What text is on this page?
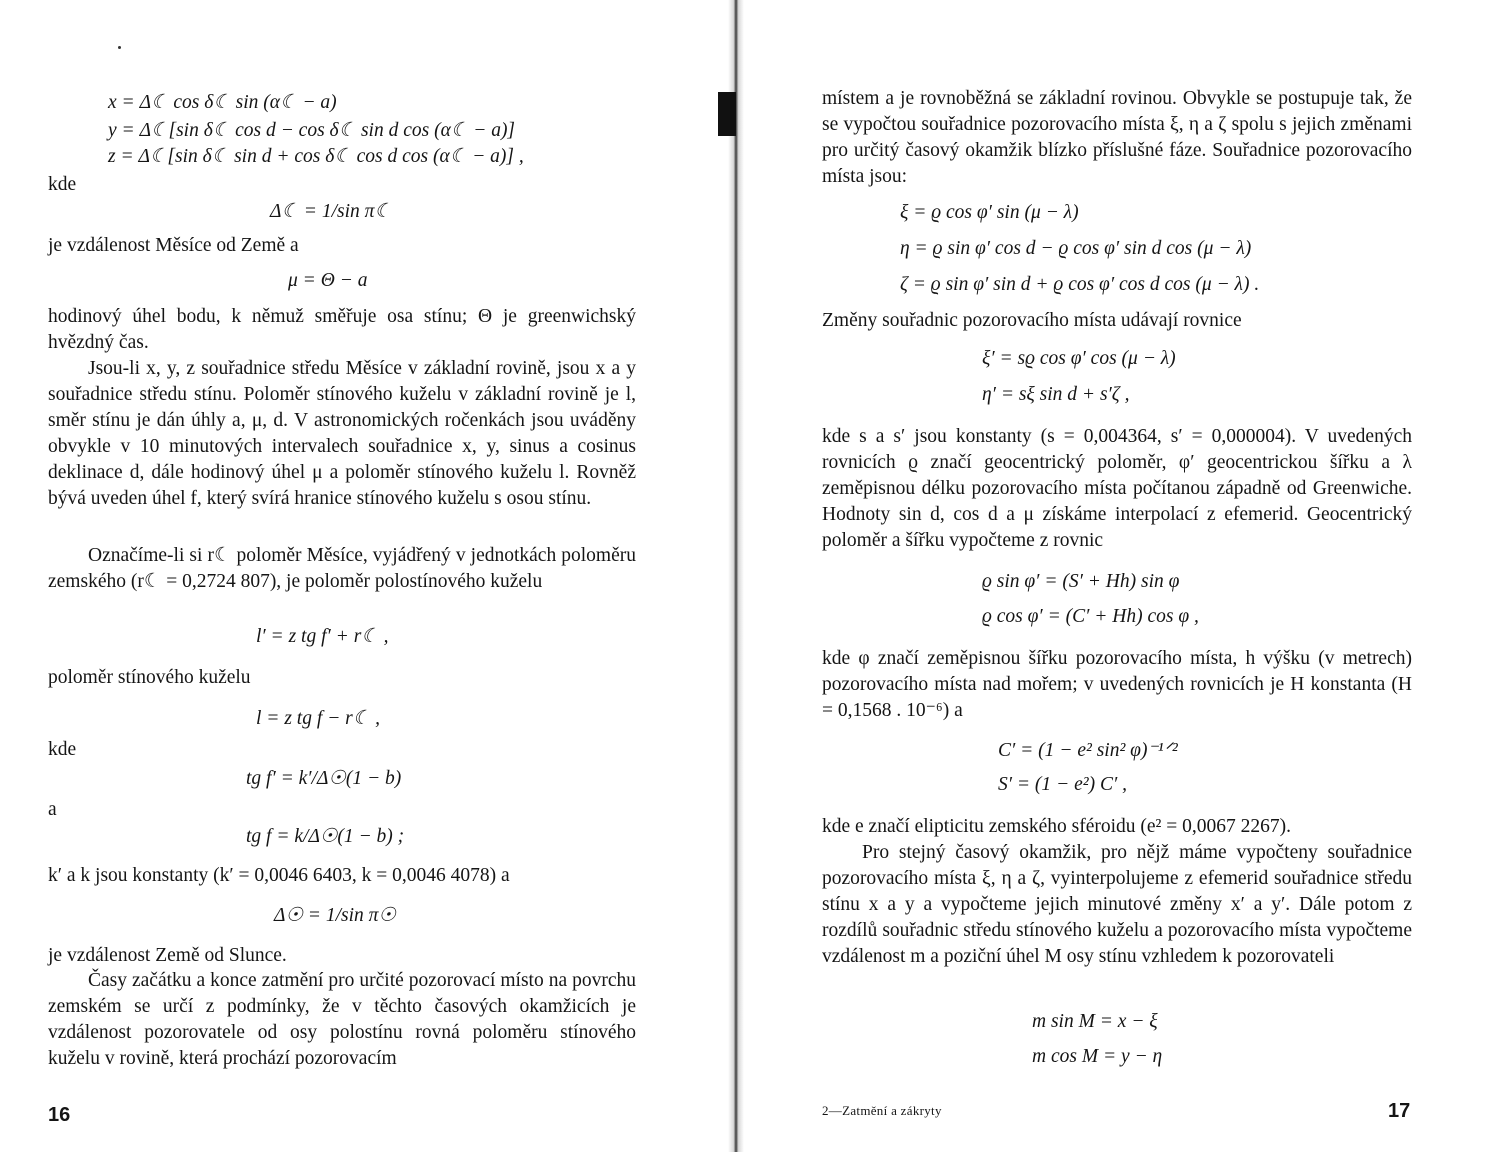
x = Δ☾ cos δ☾ sin (α☾ − a)
y = Δ☾[sin δ☾ cos d − cos δ☾ sin d cos (α☾ − a)]
z = Δ☾[sin δ☾ sin d + cos δ☾ cos d cos (α☾ − a)] ,
kde
Δ☾ = 1/sin π☾
je vzdálenost Měsíce od Země a
μ = Θ − a

hodinový úhel bodu, k němuž směřuje osa stínu; Θ je greenwichský hvězdný čas.

Jsou-li x, y, z souřadnice středu Měsíce v základní rovině, jsou x a y souřadnice středu stínu. Poloměr stínového kuželu v základní rovině je l, směr stínu je dán úhly a, μ, d. V astronomických ročenkách jsou uváděny obvykle v 10 minutových intervalech souřadnice x, y, sinus a cosinus deklinace d, dále hodinový úhel μ a poloměr stínového kuželu l. Rovněž bývá uveden úhel f, který svírá hranice stínového kuželu s osou stínu.

Označíme-li si r☾ poloměr Měsíce, vyjádřený v jednotkách poloměru zemského (r☾ = 0,2724 807), je poloměr polostínového kuželu

l′ = z tg f′ + r☾ ,
poloměr stínového kuželu
l = z tg f − r☾ ,
kde
tg f′ = k′/Δ☉(1 − b)
a
tg f = k/Δ☉(1 − b) ;
k′ a k jsou konstanty (k′ = 0,0046 6403, k = 0,0046 4078) a
Δ☉ = 1/sin π☉
je vzdálenost Země od Slunce.

Časy začátku a konce zatmění pro určité pozorovací místo na povrchu zemském se určí z podmínky, že v těchto časových okamžicích je vzdálenost pozorovatele od osy polostínu rovná poloměru stínového kuželu v rovině, která prochází pozorovacím

16

místem a je rovnoběžná se základní rovinou. Obvykle se postupuje tak, že se vypočtou souřadnice pozorovacího místa ξ, η a ζ spolu s jejich změnami pro určitý časový okamžik blízko příslušné fáze. Souřadnice pozorovacího místa jsou:

ξ = ϱ cos φ′ sin (μ − λ)
η = ϱ sin φ′ cos d − ϱ cos φ′ sin d cos (μ − λ)
ζ = ϱ sin φ′ sin d + ϱ cos φ′ cos d cos (μ − λ) .
Změny souřadnic pozorovacího místa udávají rovnice
ξ′ = sϱ cos φ′ cos (μ − λ)
η′ = sξ sin d + s′ζ ,

kde s a s′ jsou konstanty (s = 0,004364, s′ = 0,000004). V uvedených rovnicích ϱ značí geocentrický poloměr, φ′ geocentrickou šířku a λ zeměpisnou délku pozorovacího místa počítanou západně od Greenwiche. Hodnoty sin d, cos d a μ získáme interpolací z efemerid. Geocentrický poloměr a šířku vypočteme z rovnic

ϱ sin φ′ = (S′ + Hh) sin φ
ϱ cos φ′ = (C′ + Hh) cos φ ,

kde φ značí zeměpisnou šířku pozorovacího místa, h výšku (v metrech) pozorovacího místa nad mořem; v uvedených rovnicích je H konstanta (H = 0,1568 . 10⁻⁶) a

C′ = (1 − e² sin² φ)⁻¹ᐟ²
S′ = (1 − e²) C′ ,
kde e značí elipticitu zemského sféroidu (e² = 0,0067 2267).

Pro stejný časový okamžik, pro nějž máme vypočteny souřadnice pozorovacího místa ξ, η a ζ, vyinterpolujeme z efemerid souřadnice středu stínu x a y a vypočteme jejich minutové změny x′ a y′. Dále potom z rozdílů souřadnic středu stínového kuželu a pozorovacího místa vypočteme vzdálenost m a poziční úhel M osy stínu vzhledem k pozorovateli

m sin M = x − ξ
m cos M = y − η
2—Zatmění a zákryty	17
